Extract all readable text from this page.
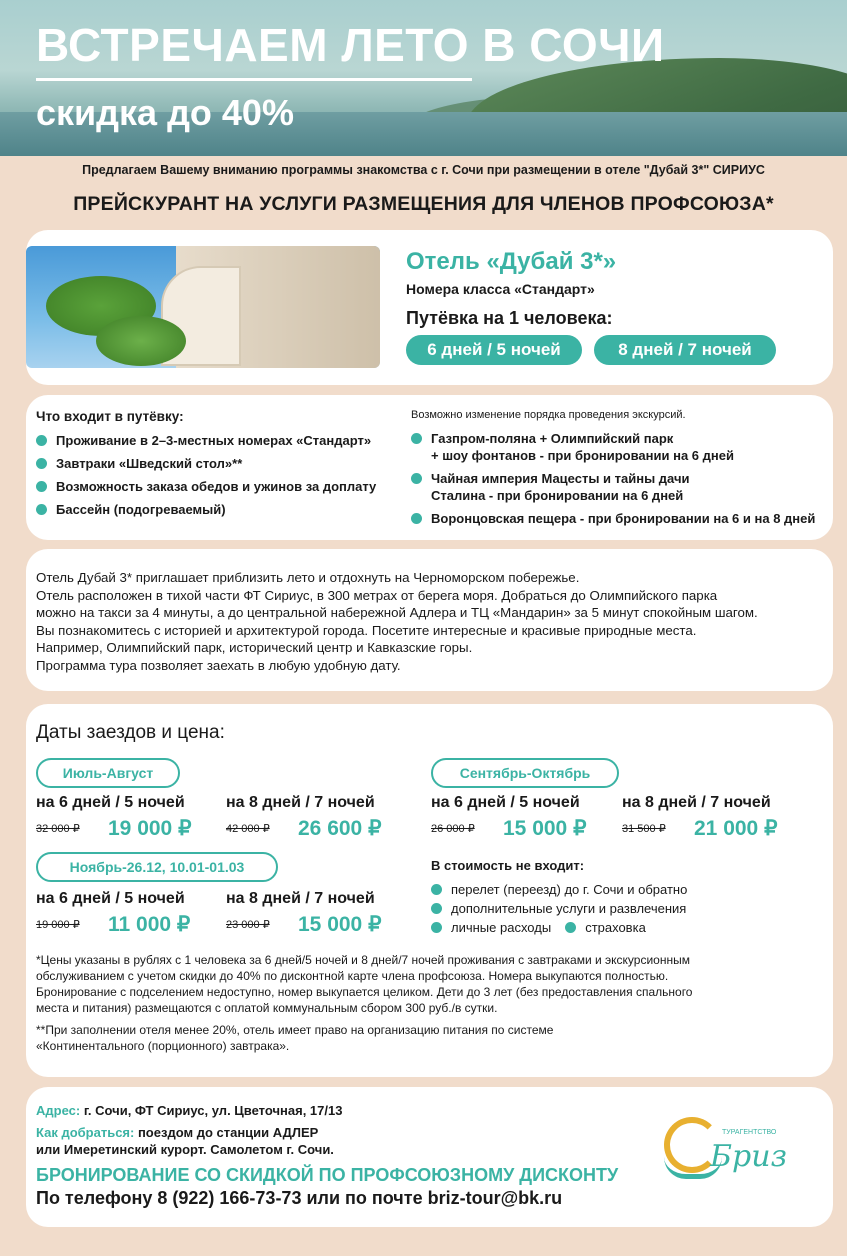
ВСТРЕЧАЕМ ЛЕТО В СОЧИ
скидка до 40%
Предлагаем Вашему вниманию программы знакомства с г. Сочи при размещении в отеле "Дубай 3*" СИРИУС
ПРЕЙСКУРАНТ НА УСЛУГИ РАЗМЕЩЕНИЯ ДЛЯ ЧЛЕНОВ ПРОФСОЮЗА*
Отель «Дубай 3*»
Номера класса «Стандарт»
Путёвка на 1 человека:
6 дней / 5 ночей	8 дней / 7 ночей
Что входит в путёвку:
Проживание в 2–3-местных номерах «Стандарт»
Завтраки «Шведский стол»**
Возможность заказа обедов и ужинов за доплату
Бассейн (подогреваемый)
Возможно изменение порядка проведения экскурсий.
Газпром-поляна + Олимпийский парк
+ шоу фонтанов - при бронировании на 6 дней
Чайная империя Мацесты и тайны дачи
Сталина - при бронировании на 6 дней
Воронцовская пещера - при бронировании на 6 и на 8 дней

Отель Дубай 3* приглашает приблизить лето и отдохнуть на Черноморском побережье.

Отель расположен в тихой части ФТ Сириус, в 300 метрах от берега моря. Добраться до Олимпийского парка

можно на такси за 4 минуты, а до центральной набережной Адлера и ТЦ «Мандарин» за 5 минут спокойным шагом.

Вы познакомитесь с историей и архитектурой города. Посетите интересные и красивые природные места.

Например, Олимпийский парк, исторический центр и Кавказские горы.

Программа тура позволяет заехать в любую удобную дату.

Даты заездов и цена:
Июль-Август
на 6 дней / 5 ночей
32 000 ₽ 19 000 ₽
на 8 дней / 7 ночей
42 000 ₽ 26 600 ₽
Сентябрь-Октябрь
на 6 дней / 5 ночей
26 000 ₽ 15 000 ₽
на 8 дней / 7 ночей
31 500 ₽ 21 000 ₽
Ноябрь-26.12, 10.01-01.03
на 6 дней / 5 ночей
19 000 ₽ 11 000 ₽
на 8 дней / 7 ночей
23 000 ₽ 15 000 ₽
В стоимость не входит:
перелет (переезд) до г. Сочи и обратно
дополнительные услуги и развлечения
личные расходы	страховка
*Цены указаны в рублях с 1 человека за 6 дней/5 ночей и 8 дней/7 ночей проживания с завтраками и экскурсионным
обслуживанием с учетом скидки до 40% по дисконтной карте члена профсоюза. Номера выкупаются полностью.
Бронирование с подселением недоступно, номер выкупается целиком. Дети до 3 лет (без предоставления спального
места и питания) размещаются с оплатой коммунальным сбором 300 руб./в сутки.
**При заполнении отеля менее 20%, отель имеет право на организацию питания по системе
«Континентального (порционного) завтрака».
Адрес: г. Сочи, ФТ Сириус, ул. Цветочная, 17/13
Как добраться: поездом до станции АДЛЕР
или Имеретинский курорт. Самолетом г. Сочи.
БРОНИРОВАНИЕ СО СКИДКОЙ ПО ПРОФСОЮЗНОМУ ДИСКОНТУ
По телефону 8 (922) 166-73-73 или по почте briz-tour@bk.ru
ТУРАГЕНТСТВО
Бриз
